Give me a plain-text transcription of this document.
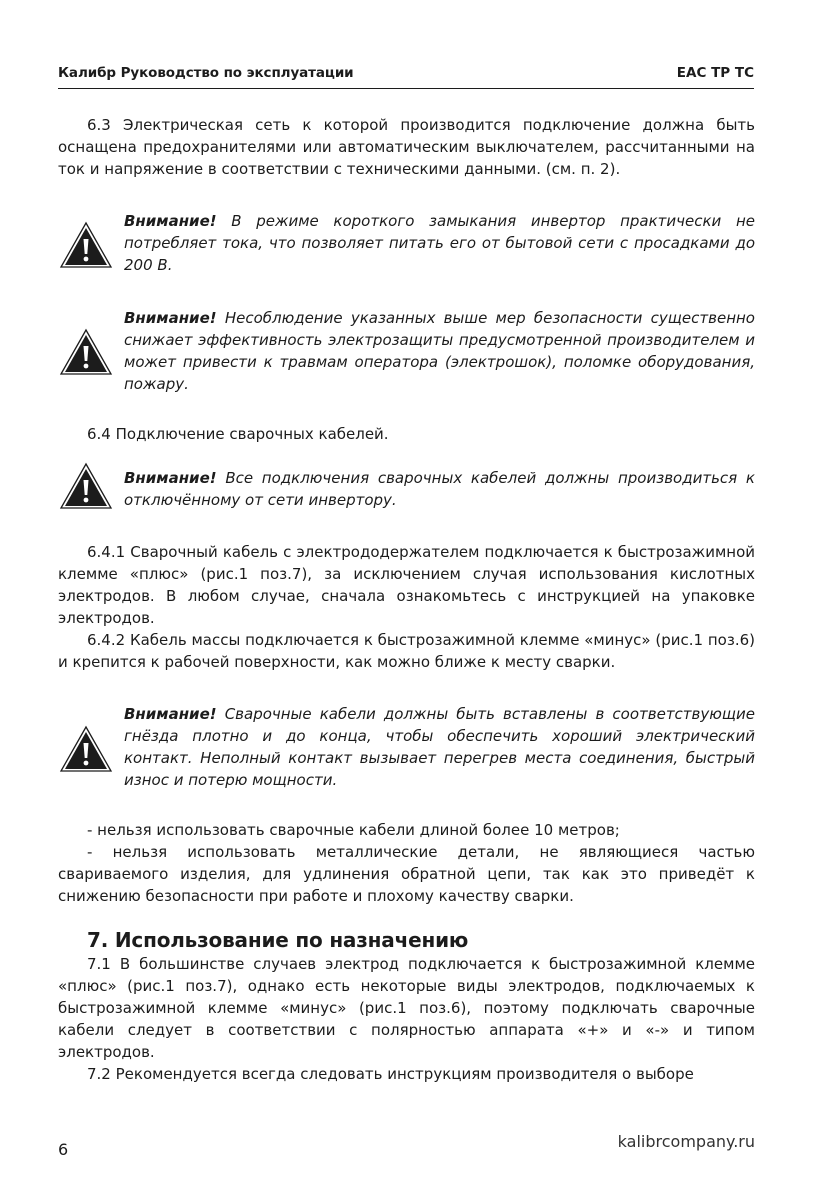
Калибр Руководство по эксплуатации	ЕАС ТР ТС

6.3 Электрическая сеть к которой производится подключение должна быть оснащена предохранителями или автоматическим выключателем, рассчитанными на ток и напряжение в соответствии с техническими данными. (см. п. 2).

Внимание! В режиме короткого замыкания инвертор практически не потребляет тока, что позволяет питать его от бытовой сети с просадками до 200 В.

Внимание! Несоблюдение указанных выше мер безопасности существенно снижает эффективность электрозащиты предусмотренной производителем и может привести к травмам оператора (электрошок), поломке оборудования, пожару.

6.4 Подключение сварочных кабелей.

Внимание! Все подключения сварочных кабелей должны производиться к отключённому от сети инвертору.

6.4.1 Сварочный кабель с электрододержателем подключается к быстрозажимной клемме «плюс» (рис.1 поз.7), за исключением случая использования кислотных электродов. В любом случае, сначала ознакомьтесь с инструкцией на упаковке электродов.

6.4.2 Кабель массы подключается к быстрозажимной клемме «минус» (рис.1 поз.6) и крепится к рабочей поверхности, как можно ближе к месту сварки.

Внимание! Сварочные кабели должны быть вставлены в соответствующие гнёзда плотно и до конца, чтобы обеспечить хороший электрический контакт. Неполный контакт вызывает перегрев места соединения, быстрый износ и потерю мощности.

- нельзя использовать сварочные кабели длиной более 10 метров;

- нельзя использовать металлические детали, не являющиеся частью свариваемого изделия, для удлинения обратной цепи, так как это приведёт к снижению безопасности при работе и плохому качеству сварки.

7. Использование по назначению

7.1 В большинстве случаев электрод подключается к быстрозажимной клемме «плюс» (рис.1 поз.7), однако есть некоторые виды электродов, подключаемых к быстрозажимной клемме «минус» (рис.1 поз.6), поэтому подключать сварочные кабели следует в соответствии с полярностью аппарата «+» и «-» и типом электродов.

7.2 Рекомендуется всегда следовать инструкциям производителя о выборе

6	kalibrcompany.ru
